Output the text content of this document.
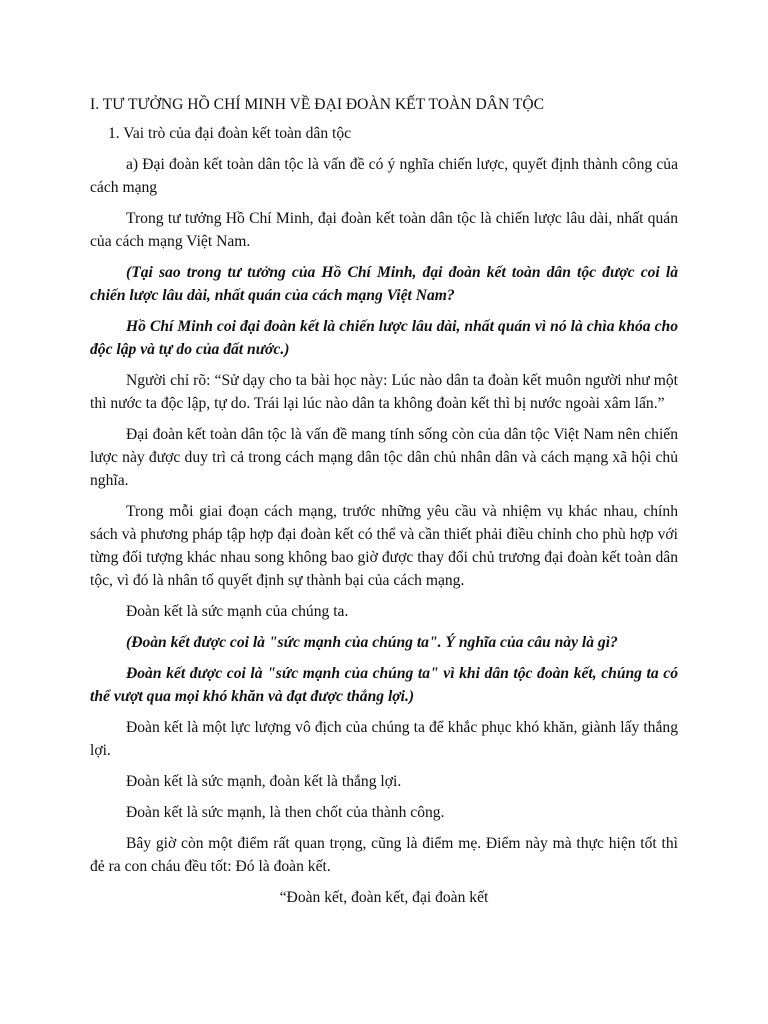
I. TƯ TƯỞNG HỒ CHÍ MINH VỀ ĐẠI ĐOÀN KẾT TOÀN DÂN TỘC
1. Vai trò của đại đoàn kết toàn dân tộc
a) Đại đoàn kết toàn dân tộc là vấn đề có ý nghĩa chiến lược, quyết định thành công của cách mạng
Trong tư tưởng Hồ Chí Minh, đại đoàn kết toàn dân tộc là chiến lược lâu dài, nhất quán của cách mạng Việt Nam.
(Tại sao trong tư tưởng của Hồ Chí Minh, đại đoàn kết toàn dân tộc được coi là chiến lược lâu dài, nhất quán của cách mạng Việt Nam?
Hồ Chí Minh coi đại đoàn kết là chiến lược lâu dài, nhất quán vì nó là chìa khóa cho độc lập và tự do của đất nước.)
Người chỉ rõ: “Sử dạy cho ta bài học này: Lúc nào dân ta đoàn kết muôn người như một thì nước ta độc lập, tự do. Trái lại lúc nào dân ta không đoàn kết thì bị nước ngoài xâm lấn.”
Đại đoàn kết toàn dân tộc là vấn đề mang tính sống còn của dân tộc Việt Nam nên chiến lược này được duy trì cả trong cách mạng dân tộc dân chủ nhân dân và cách mạng xã hội chủ nghĩa.
Trong mỗi giai đoạn cách mạng, trước những yêu cầu và nhiệm vụ khác nhau, chính sách và phương pháp tập hợp đại đoàn kết có thể và cần thiết phải điều chỉnh cho phù hợp với từng đối tượng khác nhau song không bao giờ được thay đổi chủ trương đại đoàn kết toàn dân tộc, vì đó là nhân tố quyết định sự thành bại của cách mạng.
Đoàn kết là sức mạnh của chúng ta.
(Đoàn kết được coi là "sức mạnh của chúng ta". Ý nghĩa của câu này là gì?
Đoàn kết được coi là "sức mạnh của chúng ta" vì khi dân tộc đoàn kết, chúng ta có thể vượt qua mọi khó khăn và đạt được thắng lợi.)
Đoàn kết là một lực lượng vô địch của chúng ta để khắc phục khó khăn, giành lấy thắng lợi.
Đoàn kết là sức mạnh, đoàn kết là thắng lợi.
Đoàn kết là sức mạnh, là then chốt của thành công.
Bây giờ còn một điểm rất quan trọng, cũng là điểm mẹ. Điểm này mà thực hiện tốt thì đẻ ra con cháu đều tốt: Đó là đoàn kết.
“Đoàn kết, đoàn kết, đại đoàn kết
